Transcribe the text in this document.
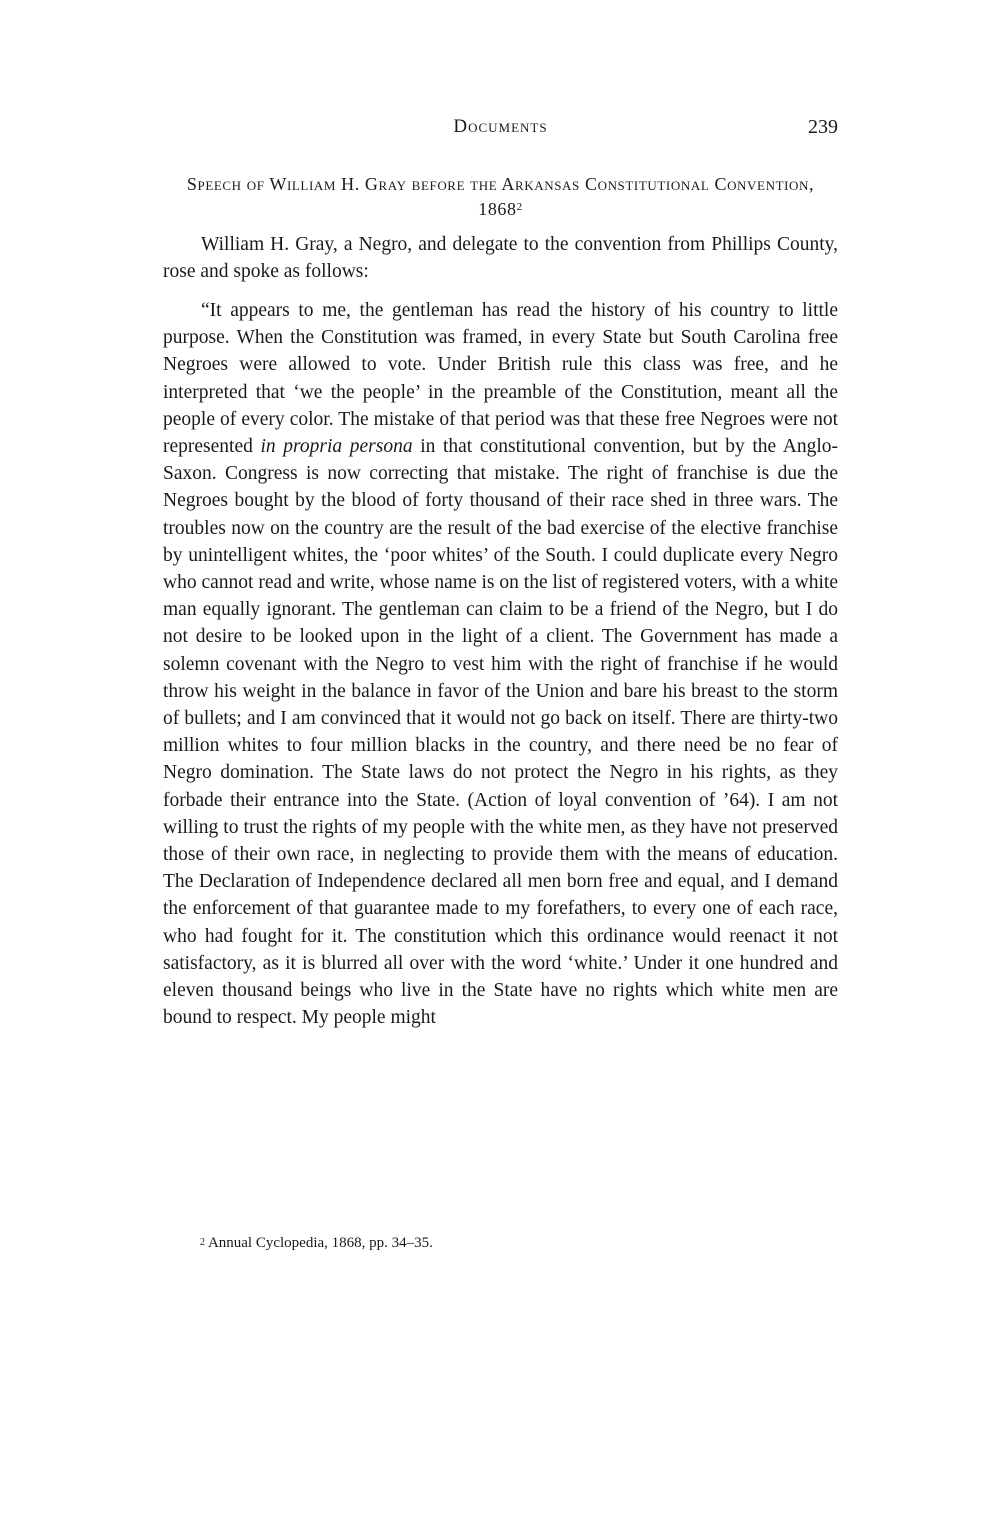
Documents	239
Speech of William H. Gray before the Arkansas Constitutional Convention, 1868$^2$

William H. Gray, a Negro, and delegate to the convention from Phillips County, rose and spoke as follows:

“It appears to me, the gentleman has read the history of his country to little purpose. When the Constitution was framed, in every State but South Carolina free Negroes were allowed to vote. Under British rule this class was free, and he interpreted that ‘we the people’ in the preamble of the Constitution, meant all the people of every color. The mistake of that period was that these free Negroes were not represented in propria persona in that constitutional convention, but by the Anglo-Saxon. Congress is now correcting that mistake. The right of franchise is due the Negroes bought by the blood of forty thousand of their race shed in three wars. The troubles now on the country are the result of the bad exercise of the elective franchise by unintelligent whites, the ‘poor whites’ of the South. I could duplicate every Negro who cannot read and write, whose name is on the list of registered voters, with a white man equally ignorant. The gentleman can claim to be a friend of the Negro, but I do not desire to be looked upon in the light of a client. The Government has made a solemn covenant with the Negro to vest him with the right of franchise if he would throw his weight in the balance in favor of the Union and bare his breast to the storm of bullets; and I am convinced that it would not go back on itself. There are thirty-two million whites to four million blacks in the country, and there need be no fear of Negro domination. The State laws do not protect the Negro in his rights, as they forbade their entrance into the State. (Action of loyal convention of ’64). I am not willing to trust the rights of my people with the white men, as they have not preserved those of their own race, in neglecting to provide them with the means of education. The Declaration of Independence declared all men born free and equal, and I demand the enforcement of that guarantee made to my forefathers, to every one of each race, who had fought for it. The constitution which this ordinance would reenact it not satisfactory, as it is blurred all over with the word ‘white.’ Under it one hundred and eleven thousand beings who live in the State have no rights which white men are bound to respect. My people might

$^2$ Annual Cyclopedia, 1868, pp. 34–35.
